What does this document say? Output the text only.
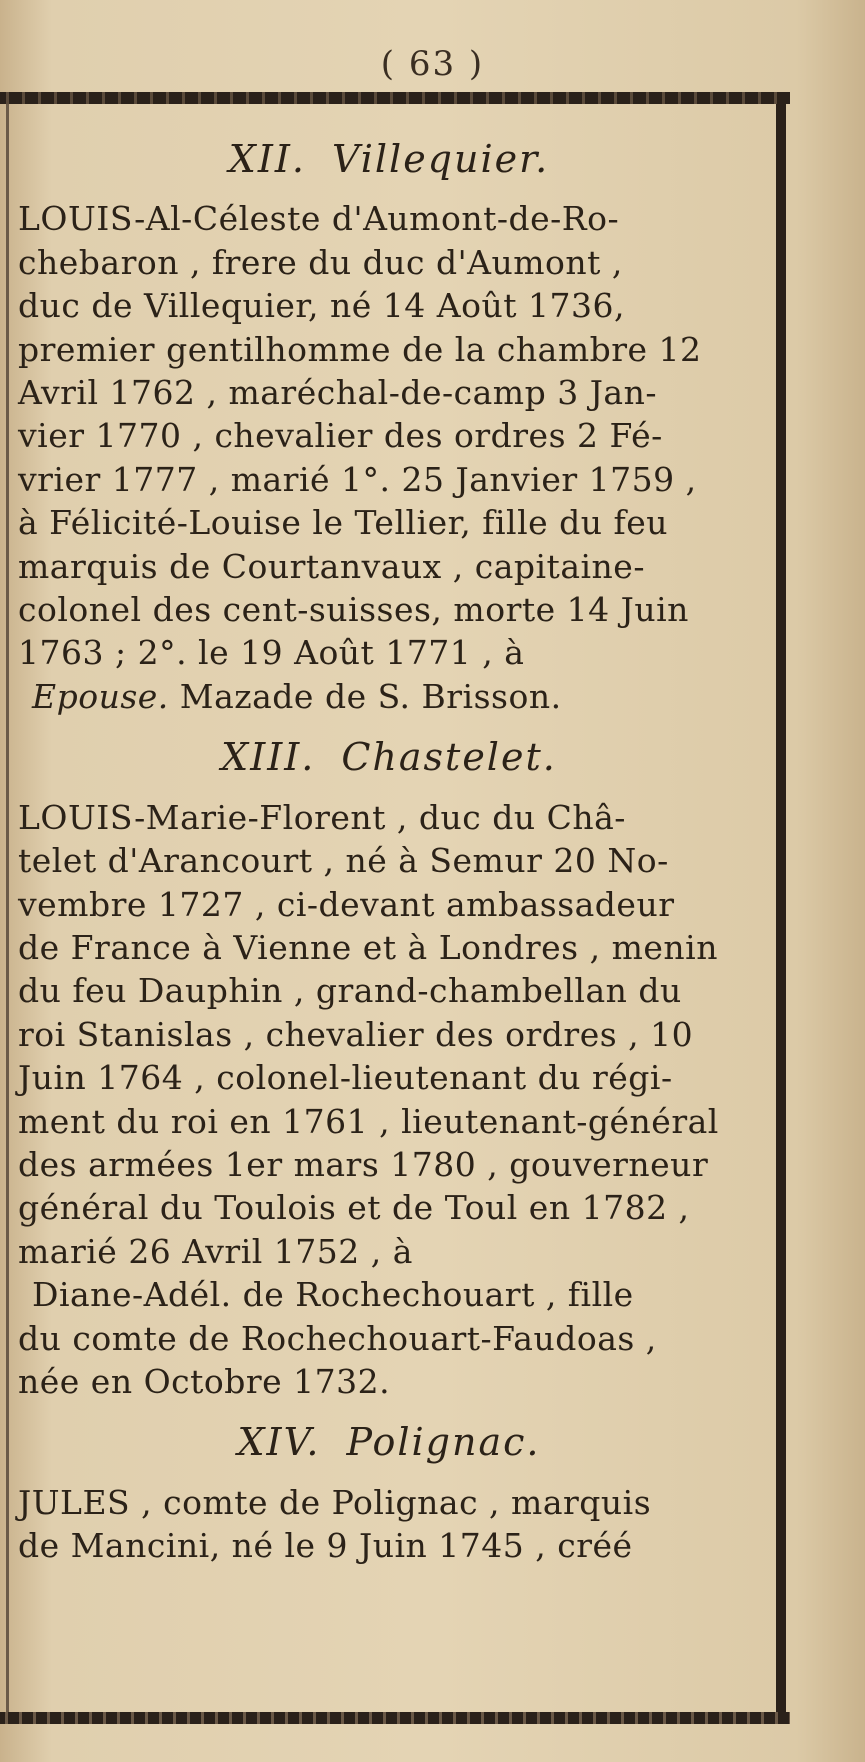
( 63 )
XII. Villequier.
LOUIS-Al-Céleste d'Aumont-de-Ro-
chebaron , frere du duc d'Aumont ,
duc de Villequier, né 14 Août 1736,
premier gentilhomme de la chambre 12
Avril 1762 , maréchal-de-camp 3 Jan-
vier 1770 , chevalier des ordres 2 Fé-
vrier 1777 , marié 1°. 25 Janvier 1759 ,
à Félicité-Louise le Tellier, fille du feu
marquis de Courtanvaux , capitaine-
colonel des cent-suisses, morte 14 Juin
1763 ; 2°. le 19 Août 1771 , à
Epouse. Mazade de S. Brisson.
XIII. Chastelet.
LOUIS-Marie-Florent , duc du Châ-
telet d'Arancourt , né à Semur 20 No-
vembre 1727 , ci-devant ambassadeur
de France à Vienne et à Londres , menin
du feu Dauphin , grand-chambellan du
roi Stanislas , chevalier des ordres , 10
Juin 1764 , colonel-lieutenant du régi-
ment du roi en 1761 , lieutenant-général
des armées 1er mars 1780 , gouverneur
général du Toulois et de Toul en 1782 ,
marié 26 Avril 1752 , à
Diane-Adél. de Rochechouart , fille
du comte de Rochechouart-Faudoas ,
née en Octobre 1732.
XIV. Polignac.
JULES , comte de Polignac , marquis
de Mancini, né le 9 Juin 1745 , créé
